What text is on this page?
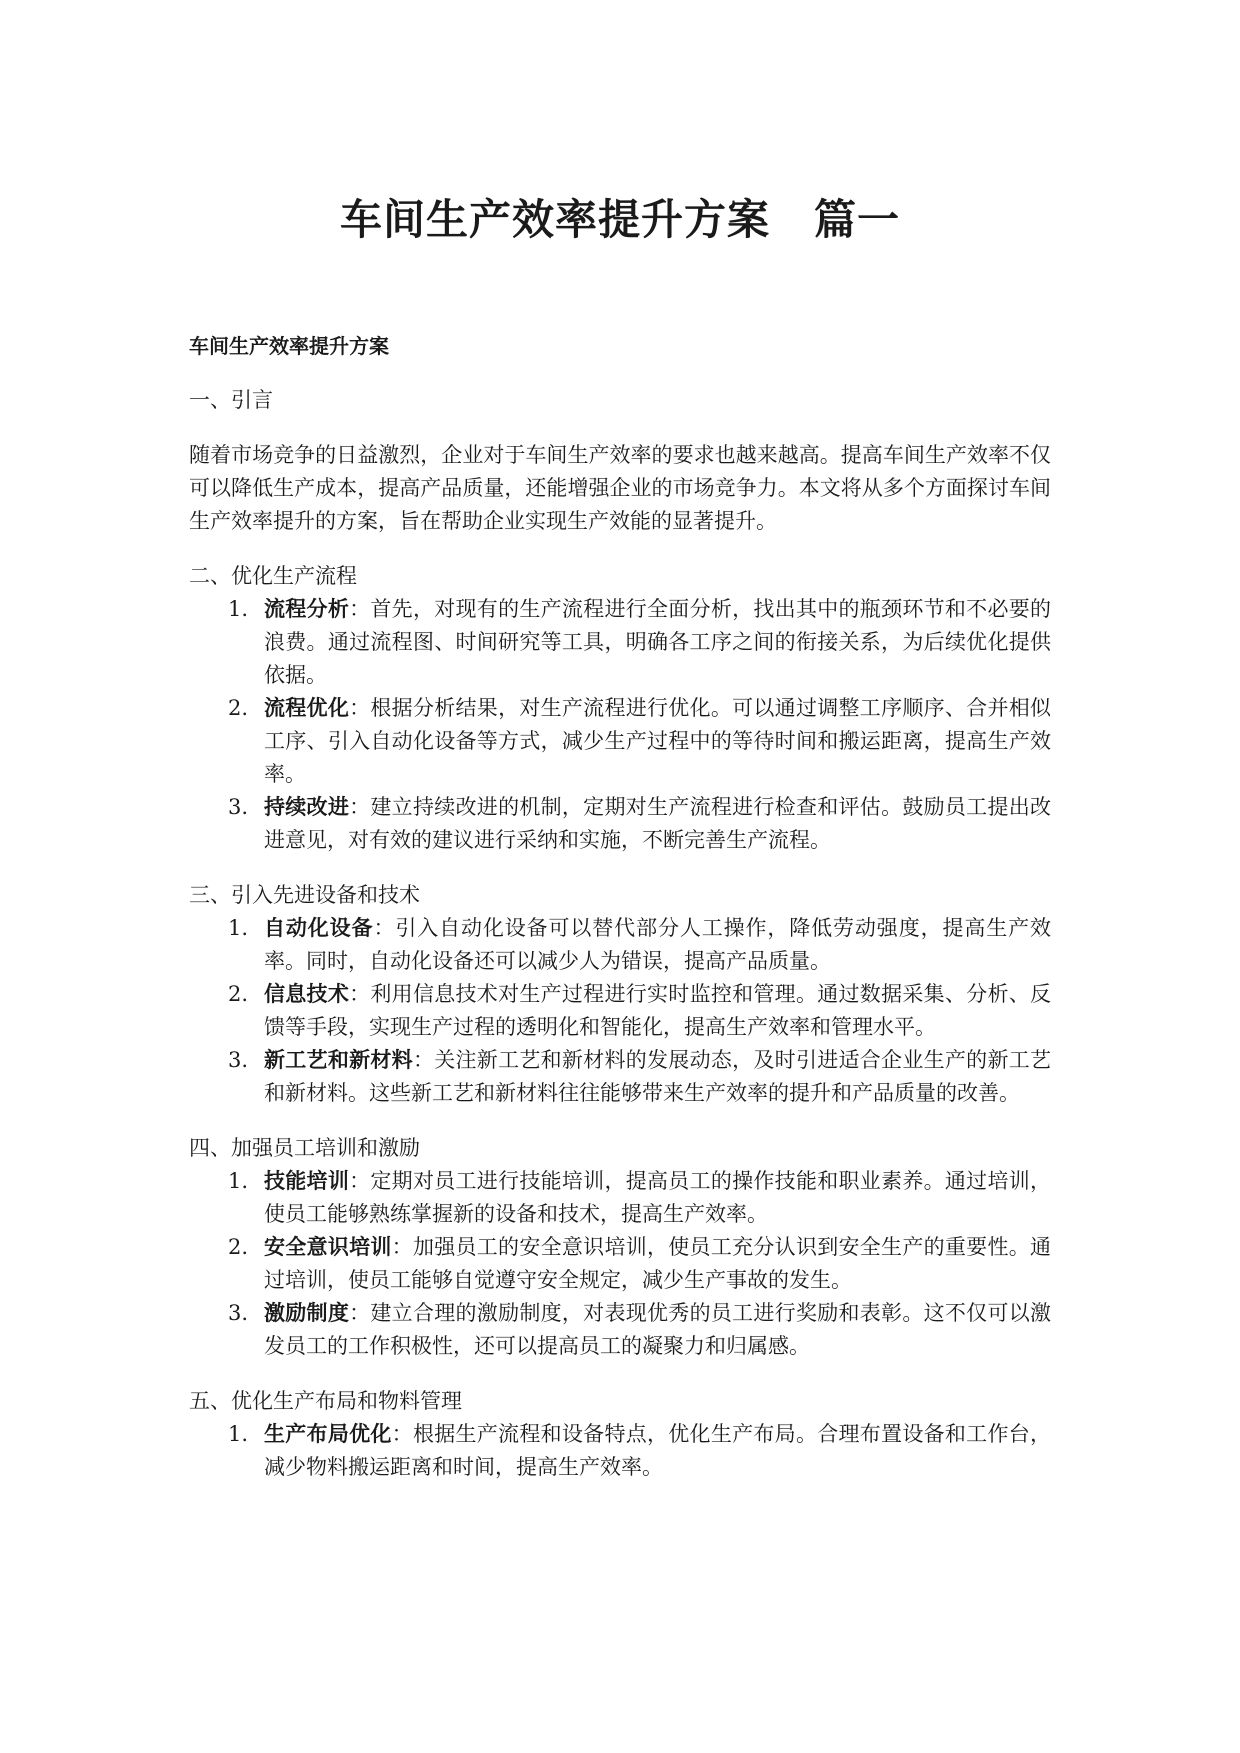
车间生产效率提升方案 篇一
车间生产效率提升方案
一、引言

随着市场竞争的日益激烈，企业对于车间生产效率的要求也越来越高。提高车间生产效率不仅可以降低生产成本，提高产品质量，还能增强企业的市场竞争力。本文将从多个方面探讨车间生产效率提升的方案，旨在帮助企业实现生产效能的显著提升。

二、优化生产流程
1. 流程分析：首先，对现有的生产流程进行全面分析，找出其中的瓶颈环节和不必要的浪费。通过流程图、时间研究等工具，明确各工序之间的衔接关系，为后续优化提供依据。
2. 流程优化：根据分析结果，对生产流程进行优化。可以通过调整工序顺序、合并相似工序、引入自动化设备等方式，减少生产过程中的等待时间和搬运距离，提高生产效率。
3. 持续改进：建立持续改进的机制，定期对生产流程进行检查和评估。鼓励员工提出改进意见，对有效的建议进行采纳和实施，不断完善生产流程。
三、引入先进设备和技术
1. 自动化设备：引入自动化设备可以替代部分人工操作，降低劳动强度，提高生产效率。同时，自动化设备还可以减少人为错误，提高产品质量。
2. 信息技术：利用信息技术对生产过程进行实时监控和管理。通过数据采集、分析、反馈等手段，实现生产过程的透明化和智能化，提高生产效率和管理水平。
3. 新工艺和新材料：关注新工艺和新材料的发展动态，及时引进适合企业生产的新工艺和新材料。这些新工艺和新材料往往能够带来生产效率的提升和产品质量的改善。
四、加强员工培训和激励
1. 技能培训：定期对员工进行技能培训，提高员工的操作技能和职业素养。通过培训，使员工能够熟练掌握新的设备和技术，提高生产效率。
2. 安全意识培训：加强员工的安全意识培训，使员工充分认识到安全生产的重要性。通过培训，使员工能够自觉遵守安全规定，减少生产事故的发生。
3. 激励制度：建立合理的激励制度，对表现优秀的员工进行奖励和表彰。这不仅可以激发员工的工作积极性，还可以提高员工的凝聚力和归属感。
五、优化生产布局和物料管理
1. 生产布局优化：根据生产流程和设备特点，优化生产布局。合理布置设备和工作台，减少物料搬运距离和时间，提高生产效率。
